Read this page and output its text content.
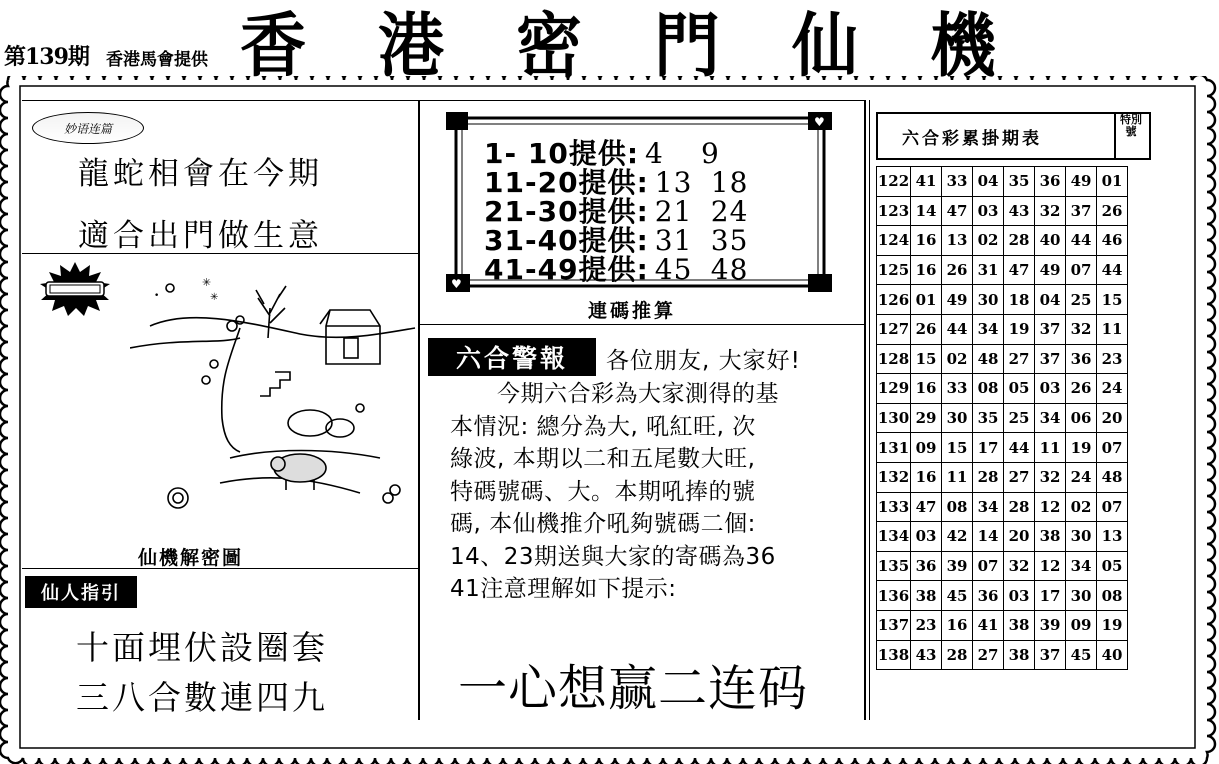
第139期 香港馬會提供 香 港 密 門 仙 機
妙语连篇
龍蛇相會在今期
適合出門做生意
✳
✳
•
仙機解密圖
仙人指引
十面埋伏設圈套
三八合數連四九
♥
♥
1- 10提供: 4 9
11-20提供: 13 18
21-30提供: 21 24
31-40提供: 31 35
41-49提供: 45 48
連碼推算
六合警報	各位朋友, 大家好!
　　今期六合彩為大家測得的基
本情況: 總分為大, 吼紅旺, 次
綠波, 本期以二和五尾數大旺,
特碼號碼、大。本期吼捧的號
碼, 本仙機推介吼夠號碼二個:
14、23期送與大家的寄碼為36
41注意理解如下提示:
一心想赢二连码
六合彩累掛期表
特別號
122	41	33	04	35	36	49	01
123	14	47	03	43	32	37	26
124	16	13	02	28	40	44	46
125	16	26	31	47	49	07	44
126	01	49	30	18	04	25	15
127	26	44	34	19	37	32	11
128	15	02	48	27	37	36	23
129	16	33	08	05	03	26	24
130	29	30	35	25	34	06	20
131	09	15	17	44	11	19	07
132	16	11	28	27	32	24	48
133	47	08	34	28	12	02	07
134	03	42	14	20	38	30	13
135	36	39	07	32	12	34	05
136	38	45	36	03	17	30	08
137	23	16	41	38	39	09	19
138	43	28	27	38	37	45	40
